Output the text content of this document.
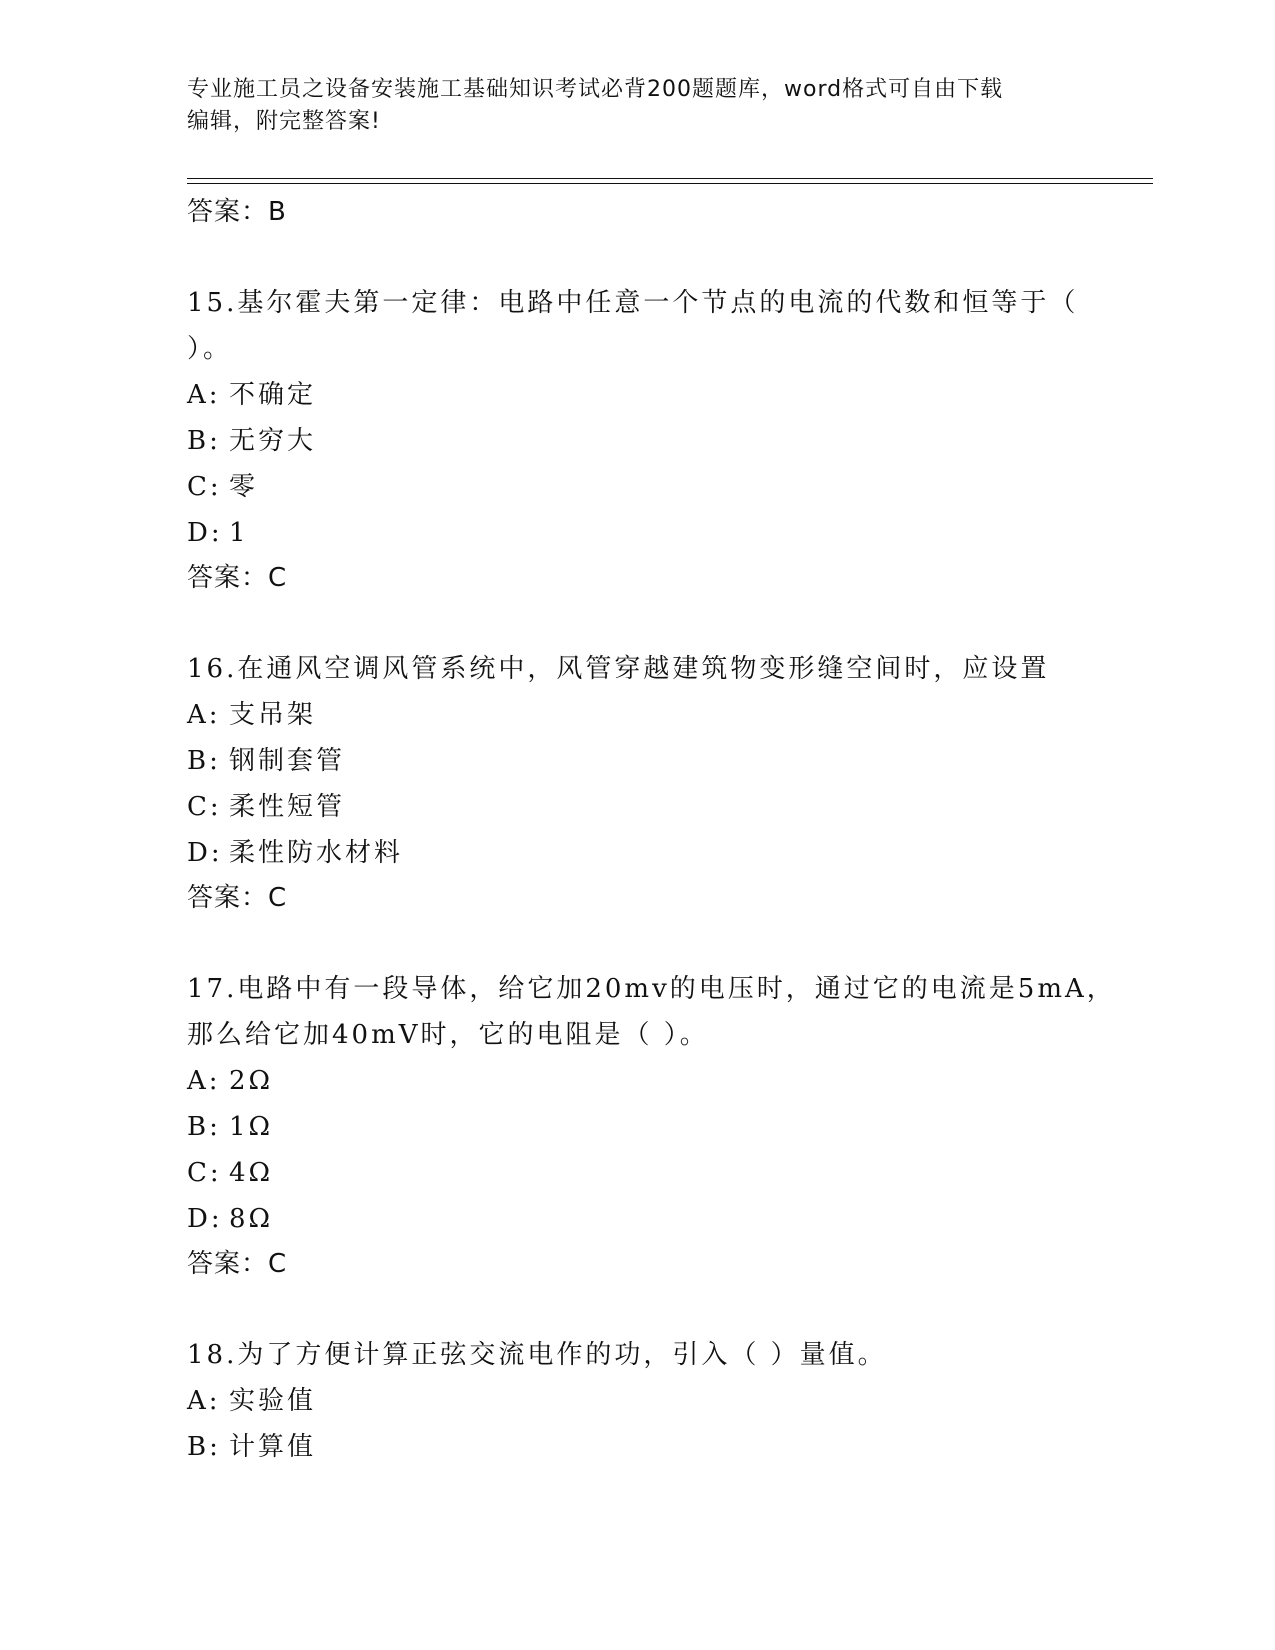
专业施工员之设备安装施工基础知识考试必背200题题库，word格式可自由下载
编辑，附完整答案!
答案：B
15.基尔霍夫第一定律：电路中任意一个节点的电流的代数和恒等于（
）。
A: 不确定
B: 无穷大
C: 零
D: 1
答案：C
16.在通风空调风管系统中，风管穿越建筑物变形缝空间时，应设置
A: 支吊架
B: 钢制套管
C: 柔性短管
D: 柔性防水材料
答案：C
17.电路中有一段导体，给它加20mv的电压时，通过它的电流是5mA，
那么给它加40mV时，它的电阻是（ ）。
A: 2Ω
B: 1Ω
C: 4Ω
D: 8Ω
答案：C
18.为了方便计算正弦交流电作的功，引入（ ）量值。
A: 实验值
B: 计算值
